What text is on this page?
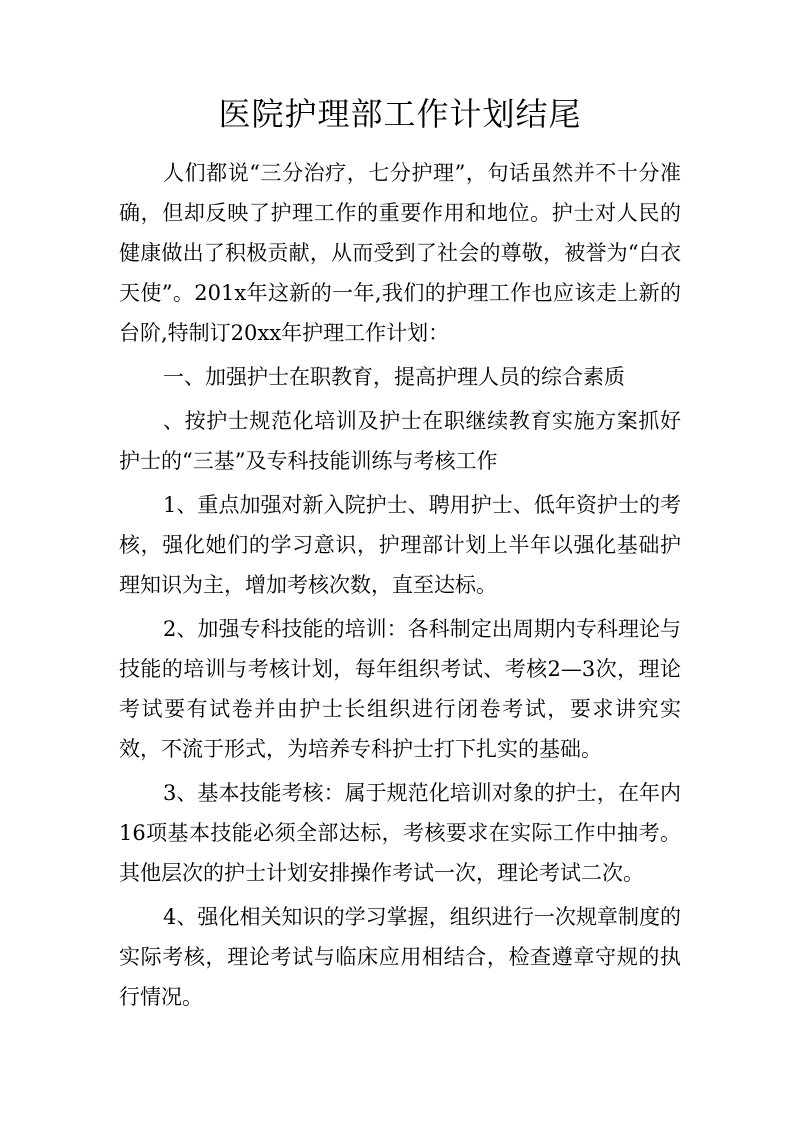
医院护理部工作计划结尾

人们都说“三分治疗，七分护理”，句话虽然并不十分准确，但却反映了护理工作的重要作用和地位。护士对人民的健康做出了积极贡献，从而受到了社会的尊敬，被誉为“白衣天使”。201x年这新的一年,我们的护理工作也应该走上新的台阶,特制订20xx年护理工作计划：

一、加强护士在职教育，提高护理人员的综合素质

、按护士规范化培训及护士在职继续教育实施方案抓好护士的“三基”及专科技能训练与考核工作

1、重点加强对新入院护士、聘用护士、低年资护士的考核，强化她们的学习意识，护理部计划上半年以强化基础护理知识为主，增加考核次数，直至达标。

2、加强专科技能的培训：各科制定出周期内专科理论与技能的培训与考核计划，每年组织考试、考核2—3次，理论考试要有试卷并由护士长组织进行闭卷考试，要求讲究实效，不流于形式，为培养专科护士打下扎实的基础。

3、基本技能考核：属于规范化培训对象的护士，在年内16项基本技能必须全部达标，考核要求在实际工作中抽考。其他层次的护士计划安排操作考试一次，理论考试二次。

4、强化相关知识的学习掌握，组织进行一次规章制度的实际考核，理论考试与临床应用相结合，检查遵章守规的执行情况。
